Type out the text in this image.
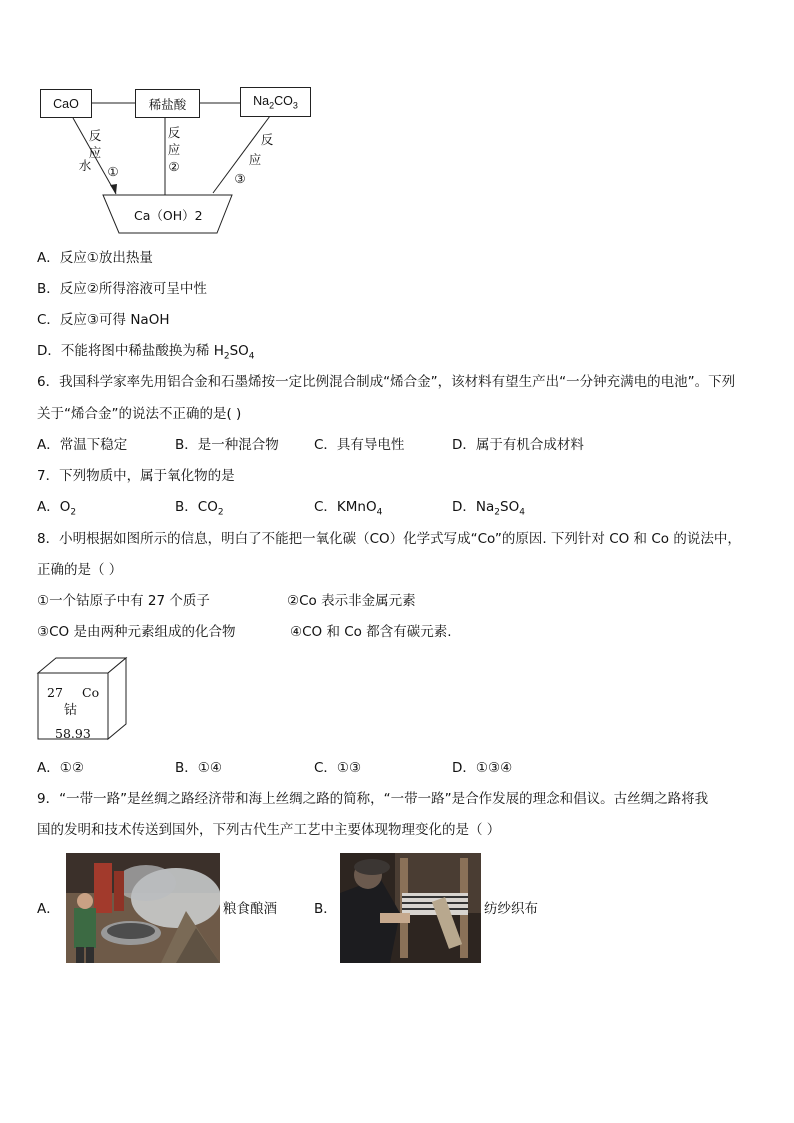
CaO	稀盐酸	$Na_2CO_3$
Ca（OH）2
反
应
①
水
反
应
②
反
应
③
A．反应①放出热量
B．反应②所得溶液可呈中性
C．反应③可得 NaOH
D．不能将图中稀盐酸换为稀 $H_2SO_4$
6．我国科学家率先用铝合金和石墨烯按一定比例混合制成“烯合金”，该材料有望生产出“一分钟充满电的电池”。下列
关于“烯合金”的说法不正确的是( )
A．常温下稳定	B．是一种混合物	C．具有导电性	D．属于有机合成材料
7．下列物质中，属于氧化物的是
A．$O_2$	B．$CO_2$	C．KMnO$_4$	D．$Na_2SO_4$
8．小明根据如图所示的信息，明白了不能把一氧化碳（CO）化学式写成“Co”的原因. 下列针对 CO 和 Co 的说法中，
正确的是（ ）
①一个钴原子中有 27 个质子	②Co 表示非金属元素
③CO 是由两种元素组成的化合物	④CO 和 Co 都含有碳元素.
27 Co
钴
58.93
A．①②	B．①④	C．①③	D．①③④
9．“一带一路”是丝绸之路经济带和海上丝绸之路的简称，“一带一路”是合作发展的理念和倡议。古丝绸之路将我
国的发明和技术传送到国外，下列古代生产工艺中主要体现物理变化的是（ ）
A．	粮食酿酒	B．	纺纱织布
